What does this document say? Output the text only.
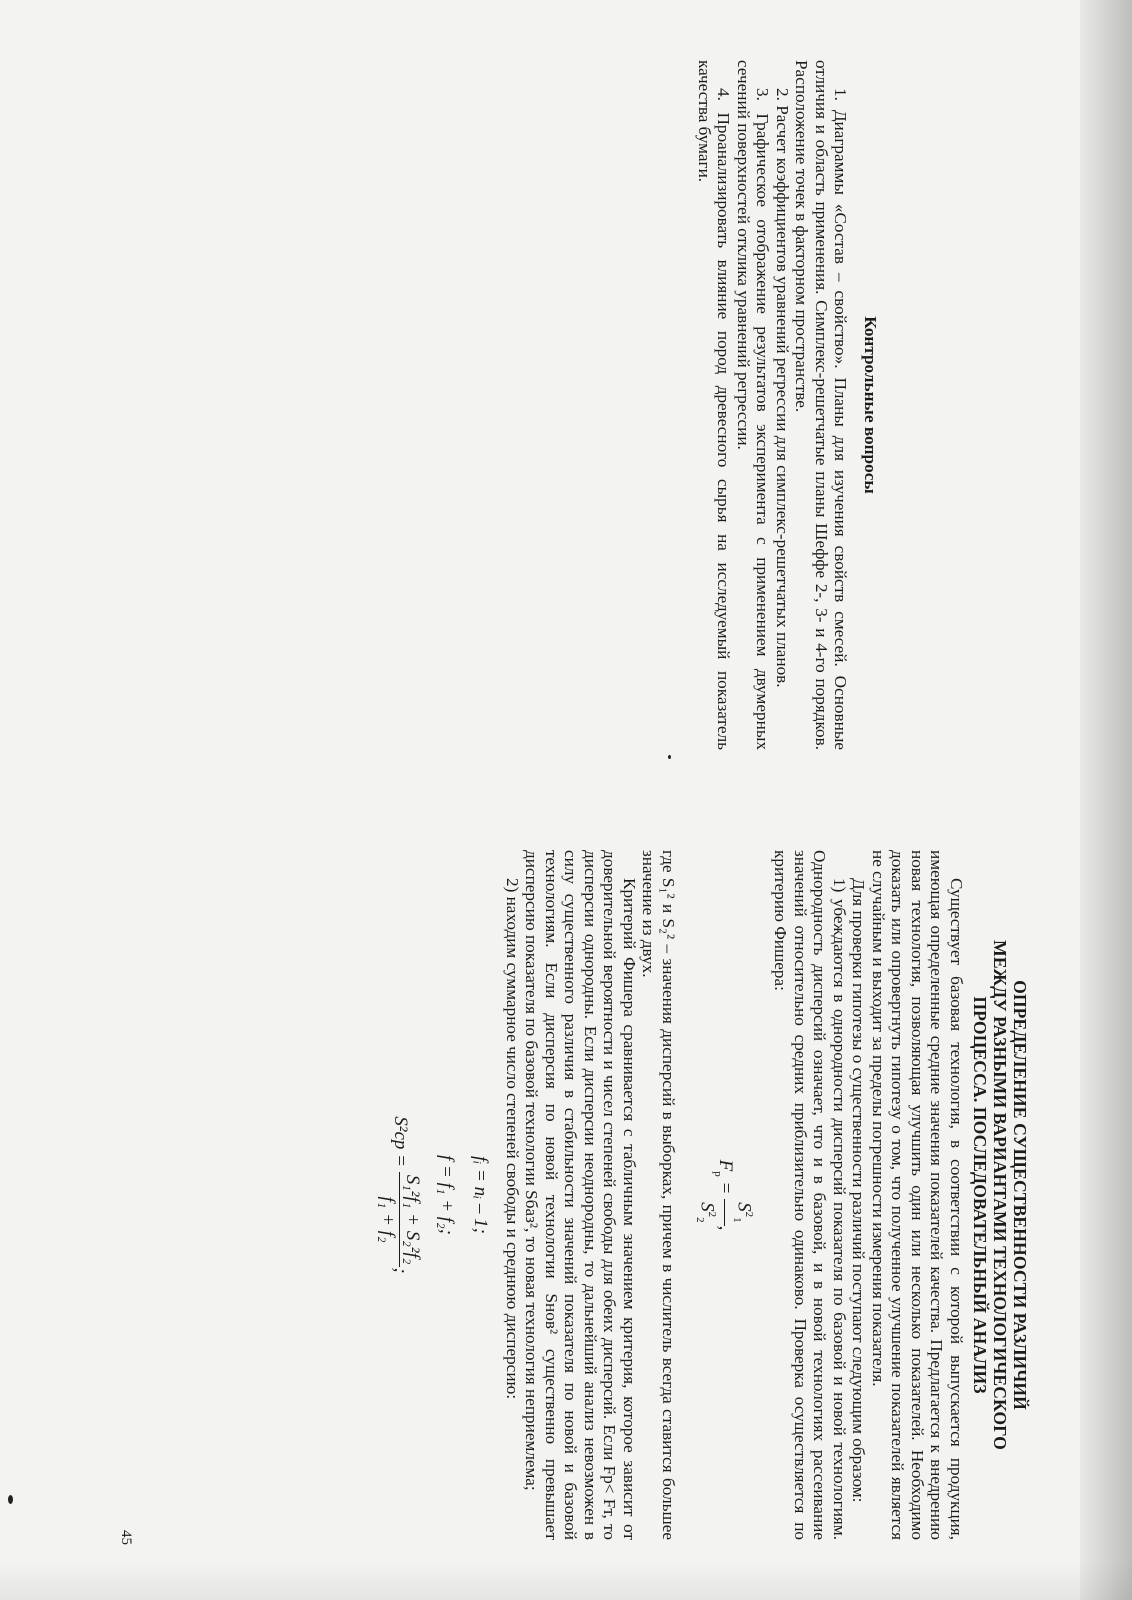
Контрольные вопросы

1. Диаграммы «Состав – свойство». Планы для изучения свойств смесей. Основные отличия и область применения. Симплекс-решетчатые планы Шеффе 2-, 3- и 4-го порядков. Расположение точек в факторном пространстве.

2. Расчет коэффициентов уравнений регрессии для симплекс-решетчатых планов.

3. Графическое отображение результатов эксперимента с применением двумерных сечений поверхностей отклика уравнений регрессии.

4. Проанализировать влияние пород древесного сырья на исследуемый показатель качества бумаги.

ОПРЕДЕЛЕНИЕ СУЩЕСТВЕННОСТИ РАЗЛИЧИЙ
МЕЖДУ РАЗНЫМИ ВАРИАНТАМИ ТЕХНОЛОГИЧЕСКОГО
ПРОЦЕССА. ПОСЛЕДОВАТЕЛЬНЫЙ АНАЛИЗ

Существует базовая технология, в соответствии с которой выпускается продукция, имеющая определенные средние значения показателей качества. Предлагается к внедрению новая технология, позволяющая улучшить один или несколько показателей. Необходимо доказать или опровергнуть гипотезу о том, что полученное улучшение показателей является не случайным и выходит за пределы погрешности измерения показателя.

Для проверки гипотезы о существенности различий поступают следующим образом:

1) убеждаются в однородности дисперсий показателя по базовой и новой технологиям. Однородность дисперсий означает, что и в базовой, и в новой технологиях рассеивание значений относительно средних приблизительно одинаково. Проверка осуществляется по критерию Фишера:

$F_p$ =
$S^2_1$
$S^2_2$
,

где S₁² и S₂² – значения дисперсий в выборках, причем в числитель всегда ставится большее значение из двух.

Критерий Фишера сравнивается с табличным значением критерия, которое зависит от доверительной вероятности и чисел степеней свободы для обеих дисперсий. Если Fр< Fт, то дисперсии однородны. Если дисперсии неоднородны, то дальнейший анализ невозможен в силу существенного различия в стабильности значений показателя по новой и базовой технологиям. Если дисперсия по новой технологии Sнов² существенно превышает дисперсию показателя по базовой технологии Sбаз², то новая технология неприемлема;

2) находим суммарное число степеней свободы и среднюю дисперсию:

fᵢ = nᵢ – 1;
f = f₁ + f₂;
S²ср =
S₁²f₁ + S₂²f₂
f₁ + f₂
;
45
